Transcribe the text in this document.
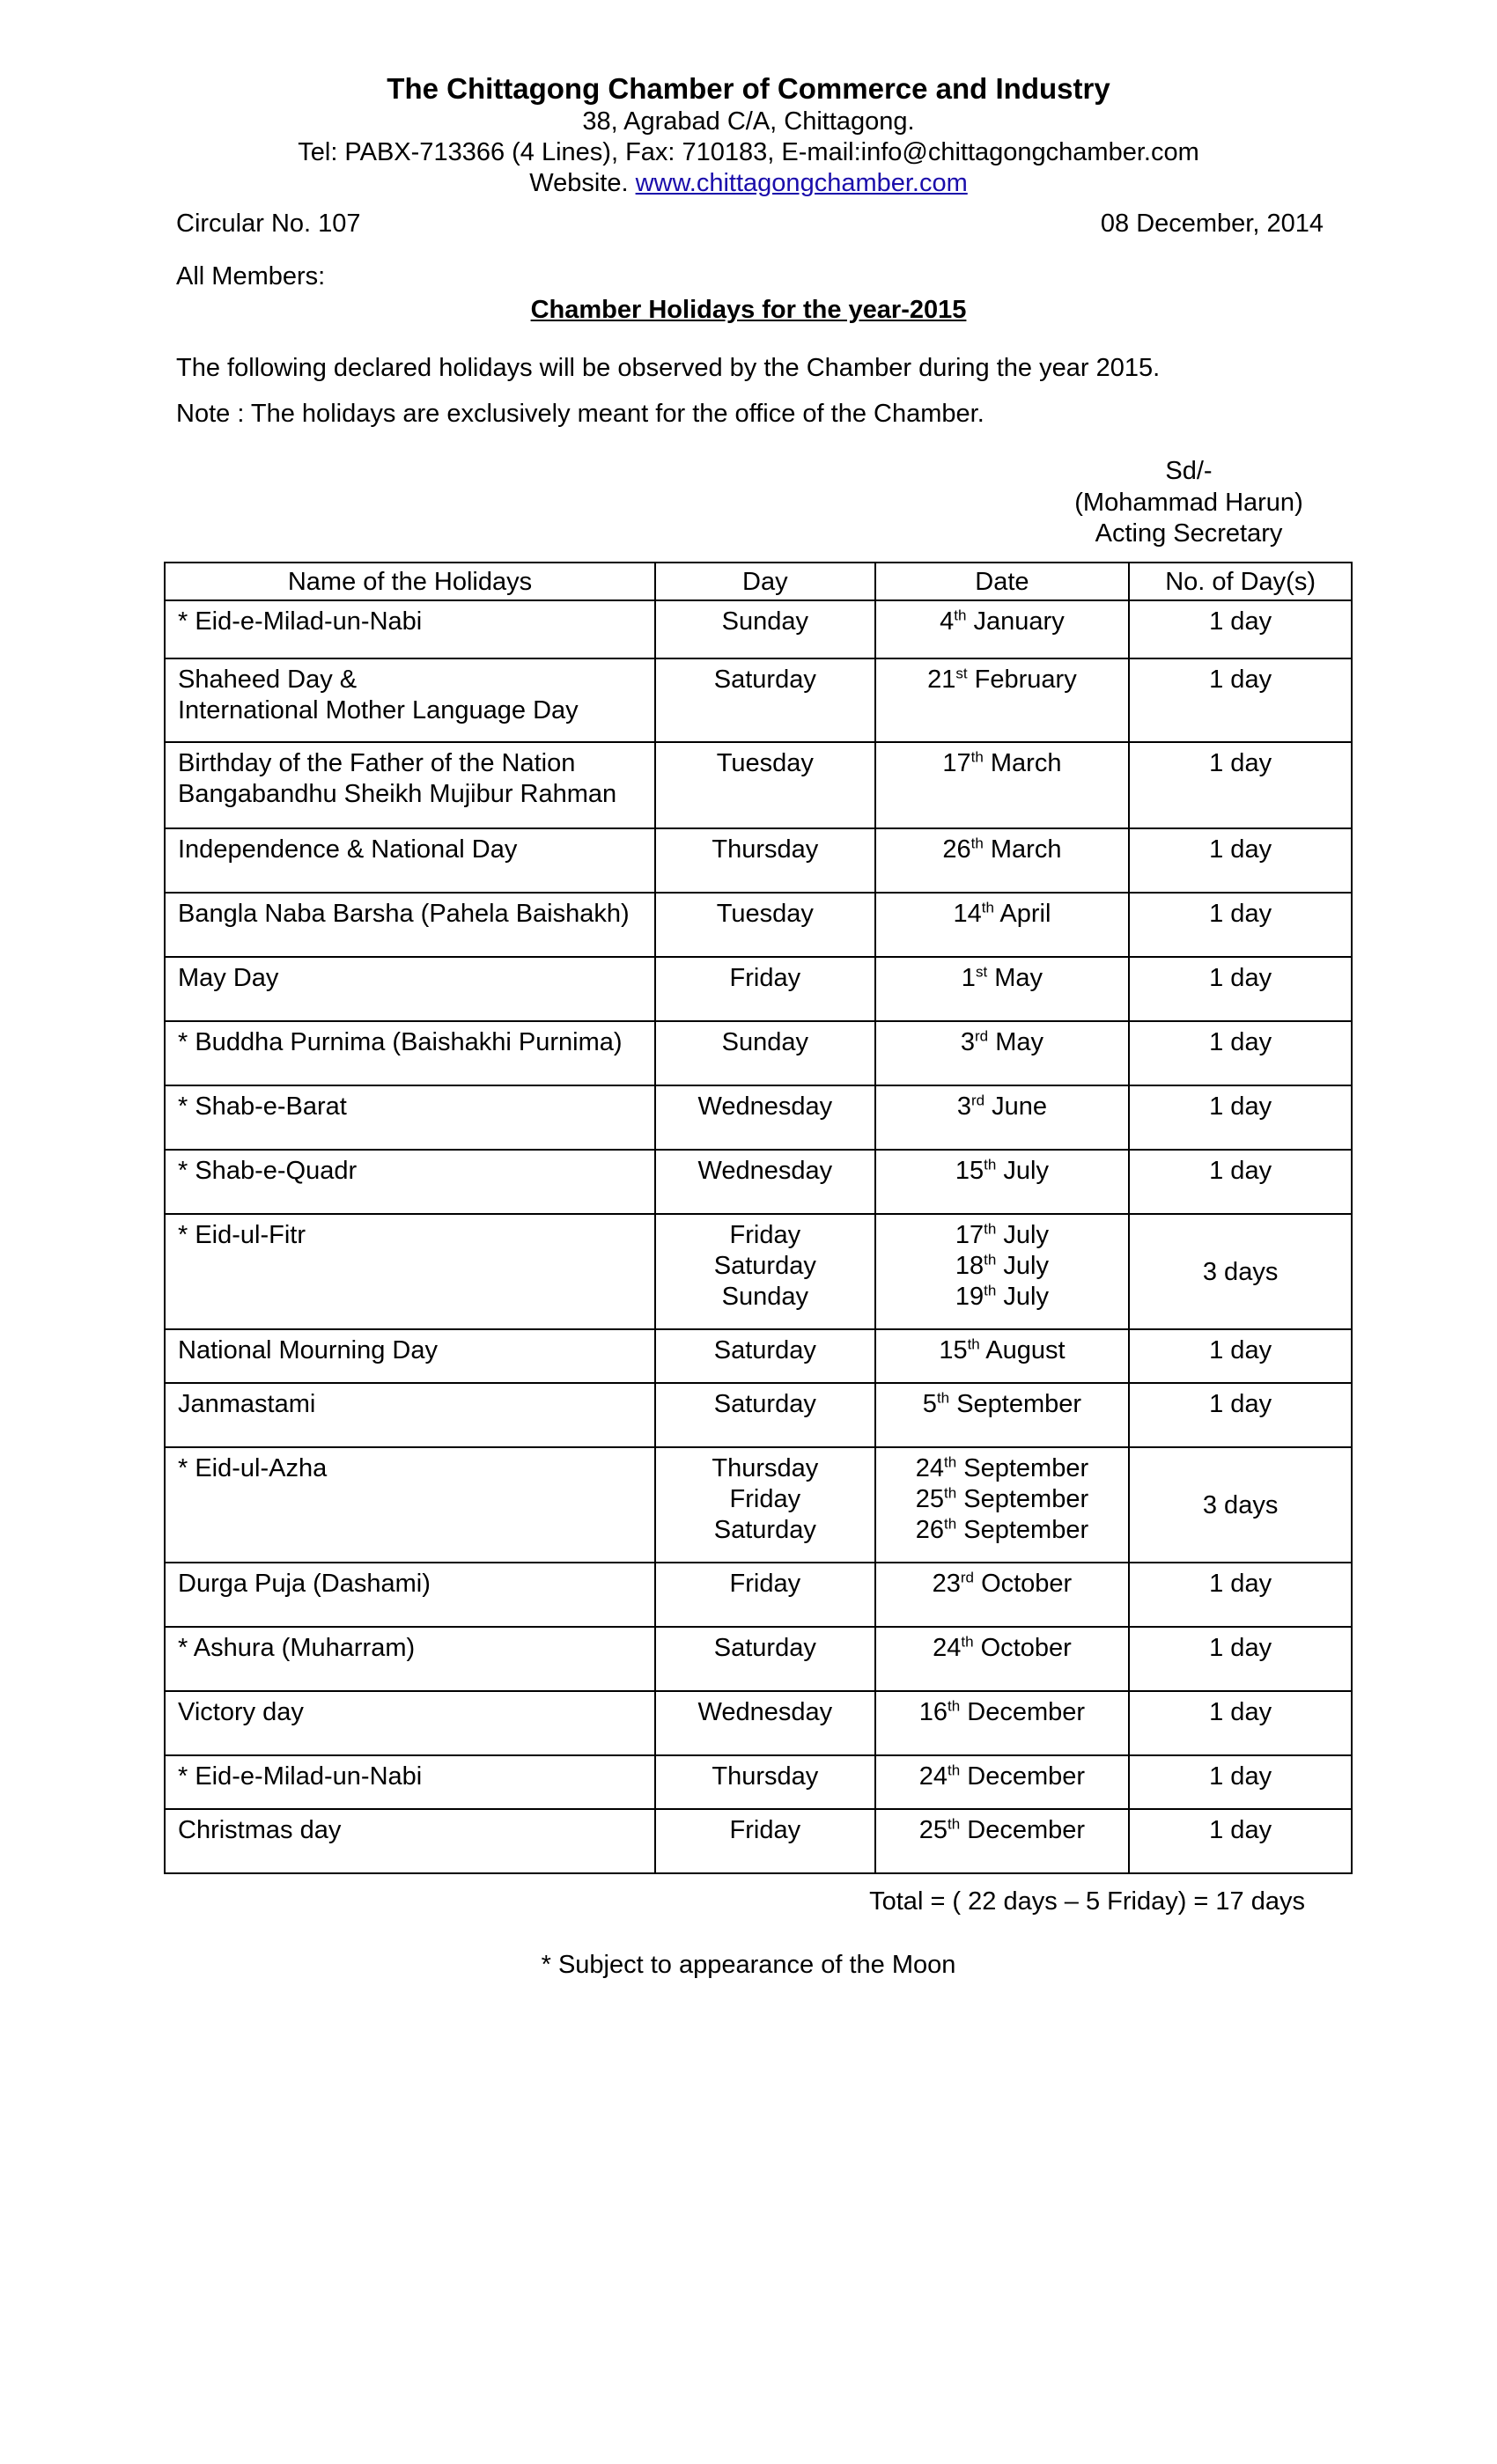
The Chittagong Chamber of Commerce and Industry
38, Agrabad C/A, Chittagong.
Tel: PABX-713366 (4 Lines), Fax: 710183, E-mail:info@chittagongchamber.com
Website. www.chittagongchamber.com
Circular No. 107	08 December, 2014
All Members:
Chamber Holidays for the year-2015
The following declared holidays will be observed by the Chamber during the year 2015.
Note : The holidays are exclusively meant for the office of the Chamber.
Sd/-
(Mohammad Harun)
Acting Secretary
Name of the Holidays	Day	Date	No. of Day(s)

* Eid-e-Milad-un-Nabi	Sunday	4th January	1 day

Shaheed Day &
International Mother Language Day	Saturday	21st February	1 day

Birthday of the Father of the Nation
Bangabandhu Sheikh Mujibur Rahman	Tuesday	17th March	1 day

Independence & National Day	Thursday	26th March	1 day

Bangla Naba Barsha (Pahela Baishakh)	Tuesday	14th April	1 day

May Day	Friday	1st May	1 day

* Buddha Purnima (Baishakhi Purnima)	Sunday	3rd May	1 day

* Shab-e-Barat	Wednesday	3rd June	1 day

* Shab-e-Quadr	Wednesday	15th July	1 day

* Eid-ul-Fitr	Friday
Saturday
Sunday	17th July
18th July
19th July	3 days

National Mourning Day	Saturday	15th August	1 day

Janmastami	Saturday	5th September	1 day

* Eid-ul-Azha	Thursday
Friday
Saturday	24th September
25th September
26th September	3 days

Durga Puja (Dashami)	Friday	23rd October	1 day

* Ashura (Muharram)	Saturday	24th October	1 day

Victory day	Wednesday	16th December	1 day

* Eid-e-Milad-un-Nabi	Thursday	24th December	1 day

Christmas day	Friday	25th December	1 day
Total = ( 22 days – 5 Friday) = 17 days
* Subject to appearance of the Moon
